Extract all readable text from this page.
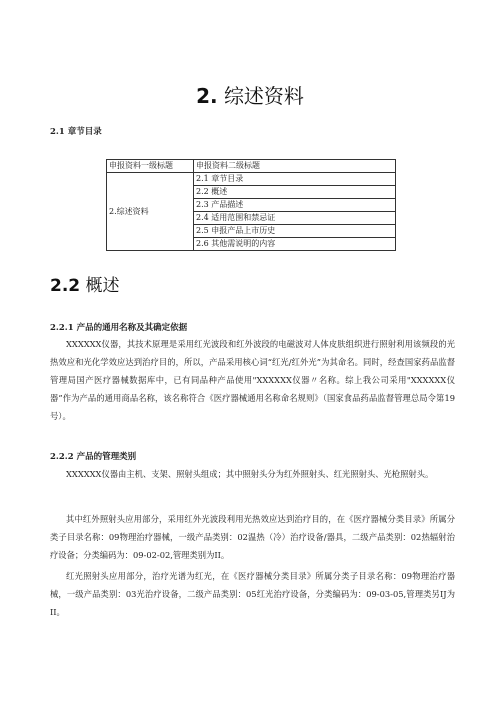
2. 综述资料
2.1 章节目录
申报资料一级标题	申报资料二级标题
2.综述资料	2.1 章节目录
	2.2 概述
	2.3 产品描述
	2.4 适用范围和禁忌证
	2.5 申报产品上市历史
	2.6 其他需说明的内容
2.2 概述
2.2.1 产品的通用名称及其确定依据
XXXXXX仪器，其技术原理是采用红光波段和红外波段的电磁波对人体皮肤组织进行照射利用该频段的光热效应和光化学效应达到治疗目的，所以，产品采用核心词“红光/红外光”为其命名。同时，经查国家药品监督管理局国产医疗器械数据库中，已有同品种产品使用"XXXXXX仪器〃名称。综上我公司采用"XXXXXX仪器”作为产品的通用商品名称，该名称符合《医疗器械通用名称命名规则》（国家食品药品监督管理总局令第19号）。
2.2.2 产品的管理类别
XXXXXX仪器由主机、支架、照射头组成；其中照射头分为红外照射头、红光照射头、光枪照射头。
其中红外照射头应用部分，采用红外光波段利用光热效应达到治疗目的，在《医疗器械分类目录》所属分类子目录名称：09物理治疗器械，一级产品类别：02温热（冷）治疗设备/器具，二级产品类别：02热辐射治疗设备；分类编码为：09-02-02,管理类别为II。
红光照射头应用部分，治疗光谱为红光，在《医疗器械分类目录》所属分类子目录名称：09物理治疗器械，一级产品类别：03光治疗设备，二级产品类别：05红光治疗设备，分类编码为：09-03-05,管理类另IJ为II。
